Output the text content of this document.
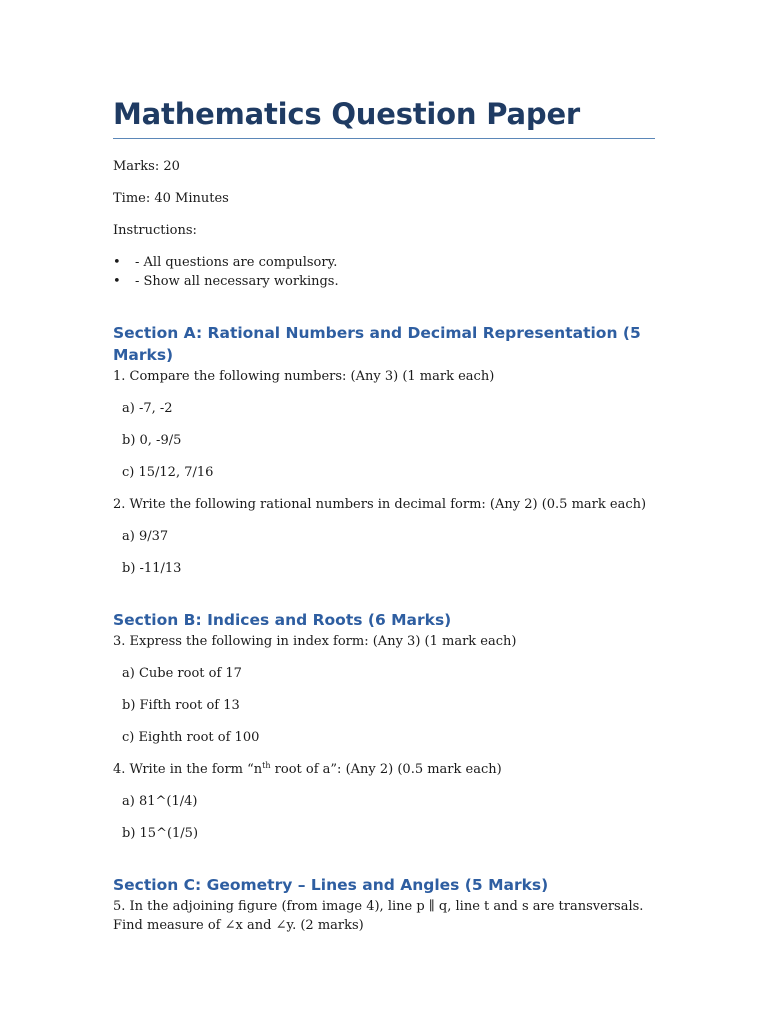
Mathematics Question Paper

Marks: 20

Time: 40 Minutes

Instructions:

• - All questions are compulsory.
• - Show all necessary workings.
Section A: Rational Numbers and Decimal Representation (5 Marks)

1. Compare the following numbers: (Any 3) (1 mark each)

a) -7, -2

b) 0, -9/5

c) 15/12, 7/16

2. Write the following rational numbers in decimal form: (Any 2) (0.5 mark each)

a) 9/37

b) -11/13

Section B: Indices and Roots (6 Marks)

3. Express the following in index form: (Any 3) (1 mark each)

a) Cube root of 17

b) Fifth root of 13

c) Eighth root of 100

4. Write in the form “$n^{th}$ root of a”: (Any 2) (0.5 mark each)

a) 81^(1/4)

b) 15^(1/5)

Section C: Geometry – Lines and Angles (5 Marks)

5. In the adjoining figure (from image 4), line p ∥ q, line t and s are transversals. Find measure of ∠x and ∠y. (2 marks)
